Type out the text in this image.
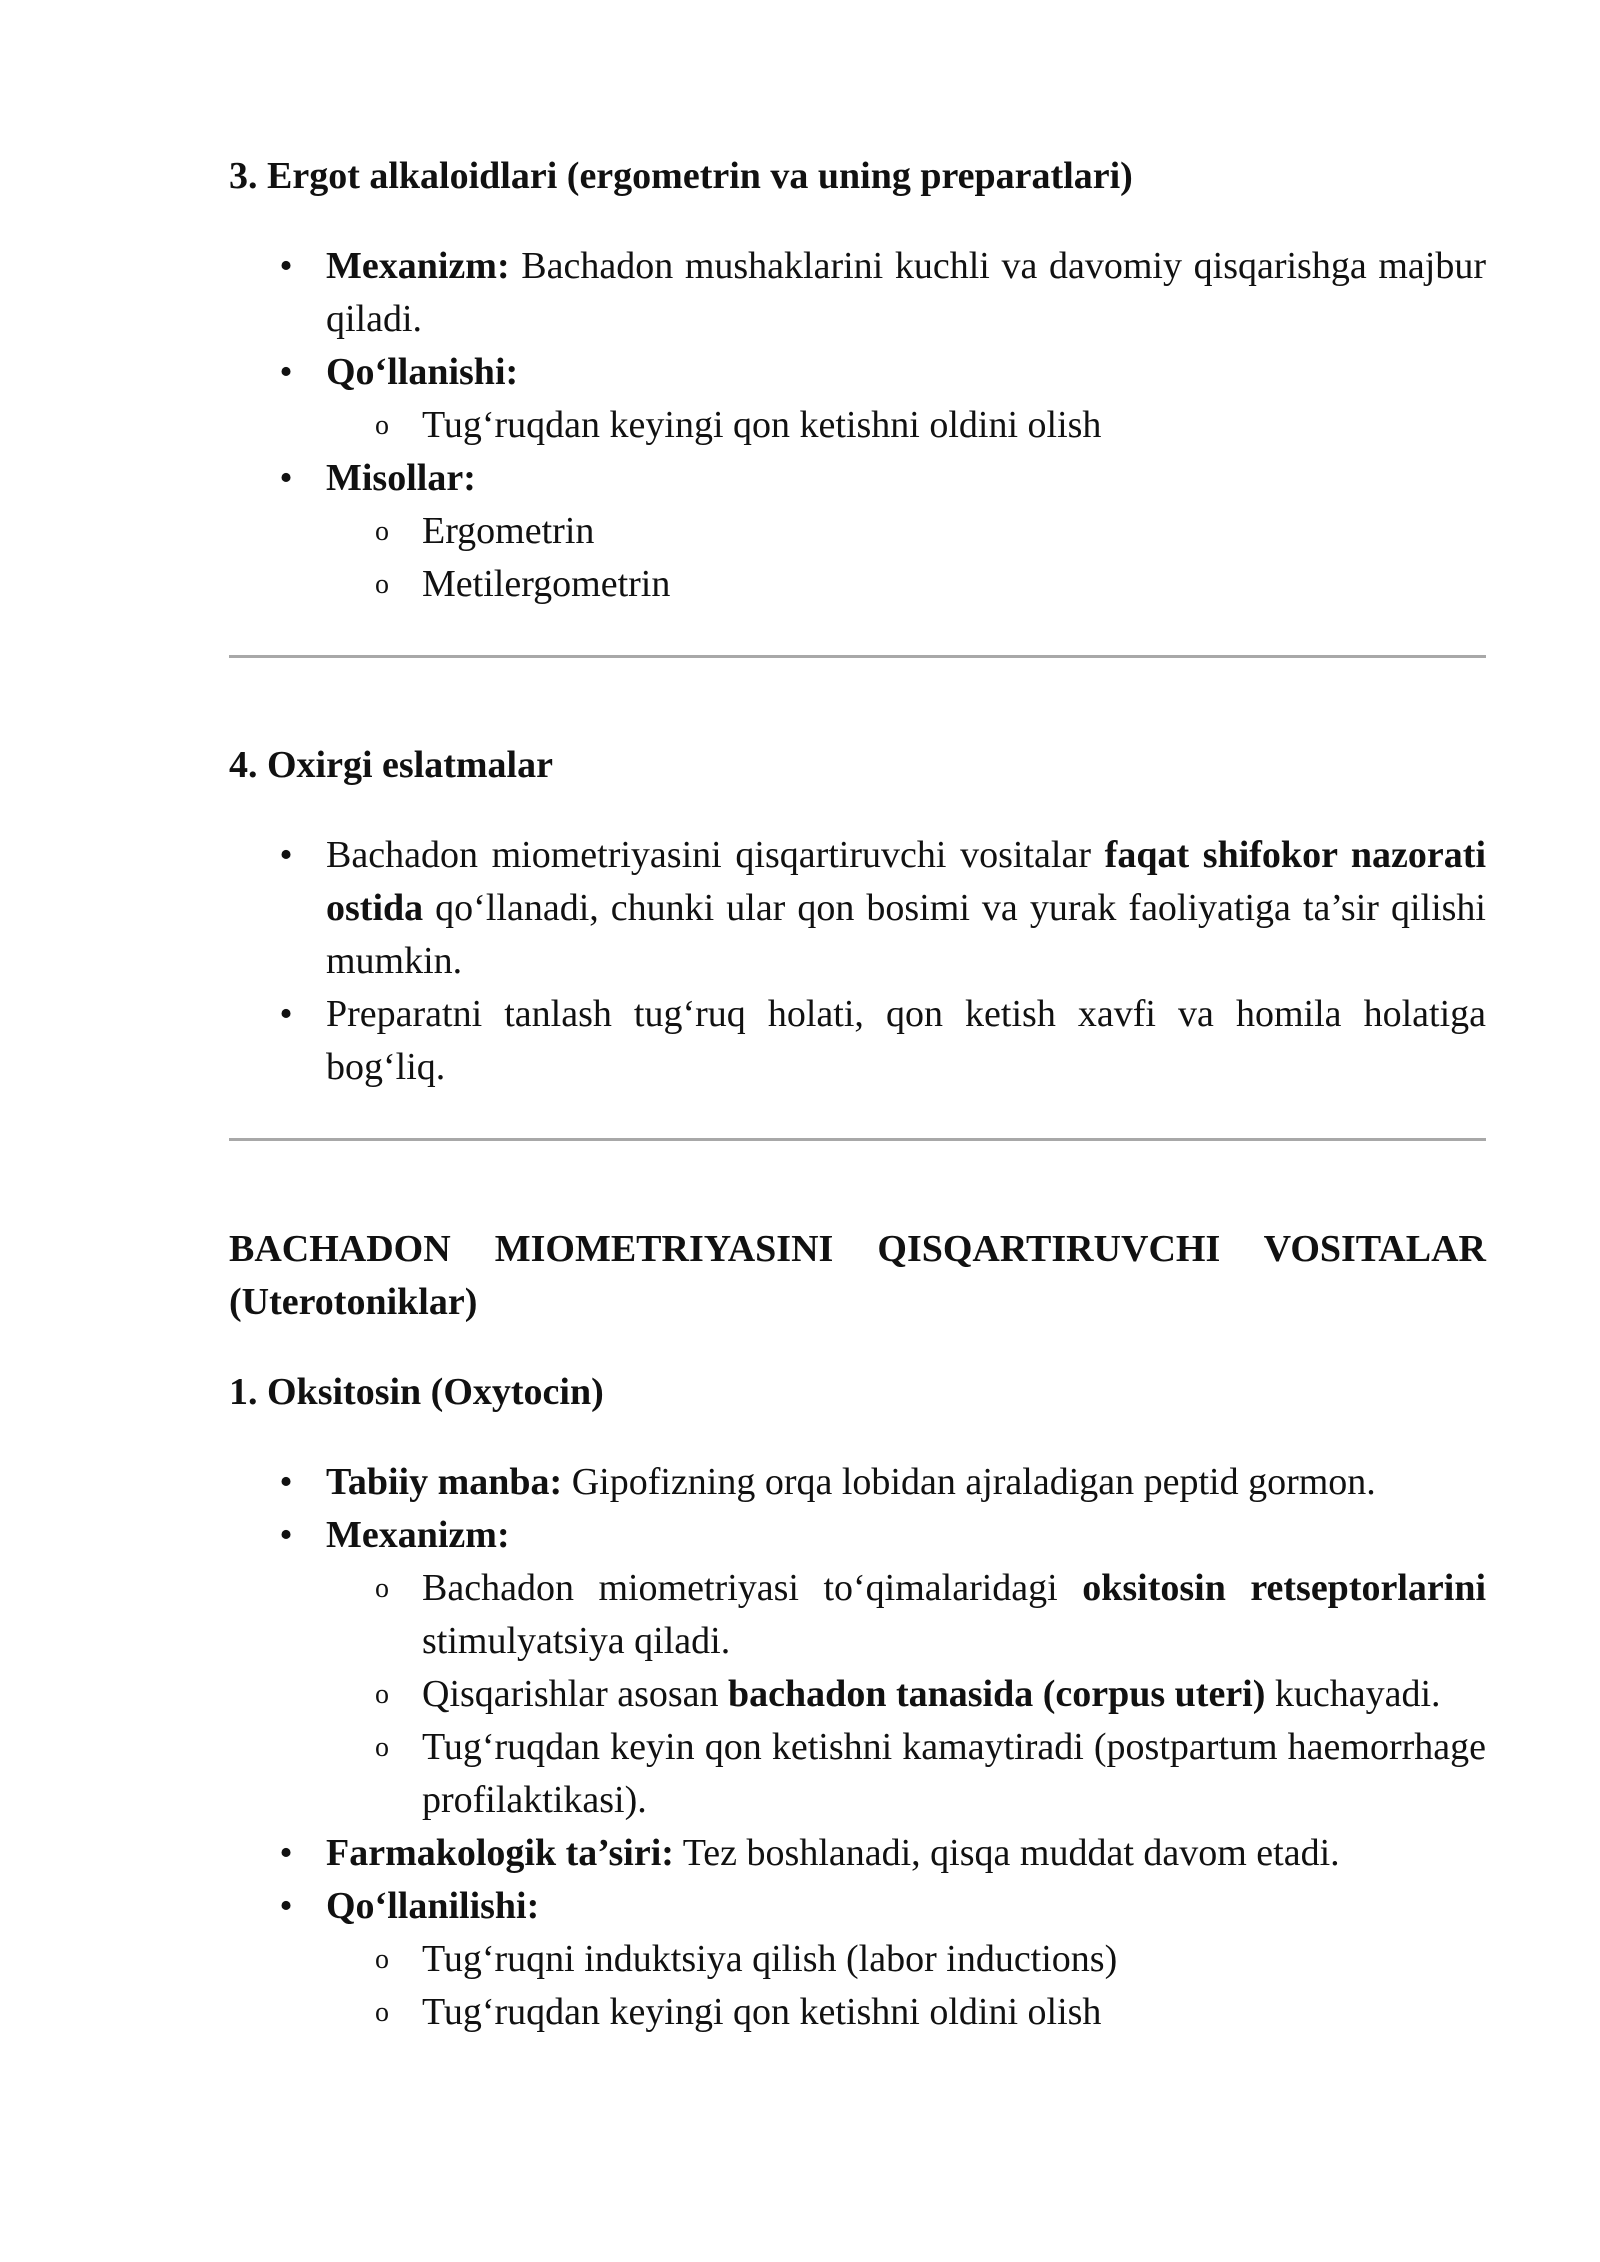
3. Ergot alkaloidlari (ergometrin va uning preparatlari)

• Mexanizm: Bachadon mushaklarini kuchli va davomiy qisqarishga majbur qiladi.
• Qo‘llanishi:
o Tug‘ruqdan keyingi qon ketishni oldini olish
• Misollar:
o Ergometrin
o Metilergometrin

4. Oxirgi eslatmalar

• Bachadon miometriyasini qisqartiruvchi vositalar faqat shifokor nazorati ostida qo‘llanadi, chunki ular qon bosimi va yurak faoliyatiga ta’sir qilishi mumkin.
• Preparatni tanlash tug‘ruq holati, qon ketish xavfi va homila holatiga bog‘liq.

BACHADON MIOMETRIYASINI QISQARTIRUVCHI VOSITALAR (Uterotoniklar)

1. Oksitosin (Oxytocin)

• Tabiiy manba: Gipofizning orqa lobidan ajraladigan peptid gormon.
• Mexanizm:
o Bachadon miometriyasi to‘qimalaridagi oksitosin retseptorlarini stimulyatsiya qiladi.
o Qisqarishlar asosan bachadon tanasida (corpus uteri) kuchayadi.
o Tug‘ruqdan keyin qon ketishni kamaytiradi (postpartum haemorrhage profilaktikasi).
• Farmakologik ta’siri: Tez boshlanadi, qisqa muddat davom etadi.
• Qo‘llanilishi:
o Tug‘ruqni induktsiya qilish (labor inductions)
o Tug‘ruqdan keyingi qon ketishni oldini olish
